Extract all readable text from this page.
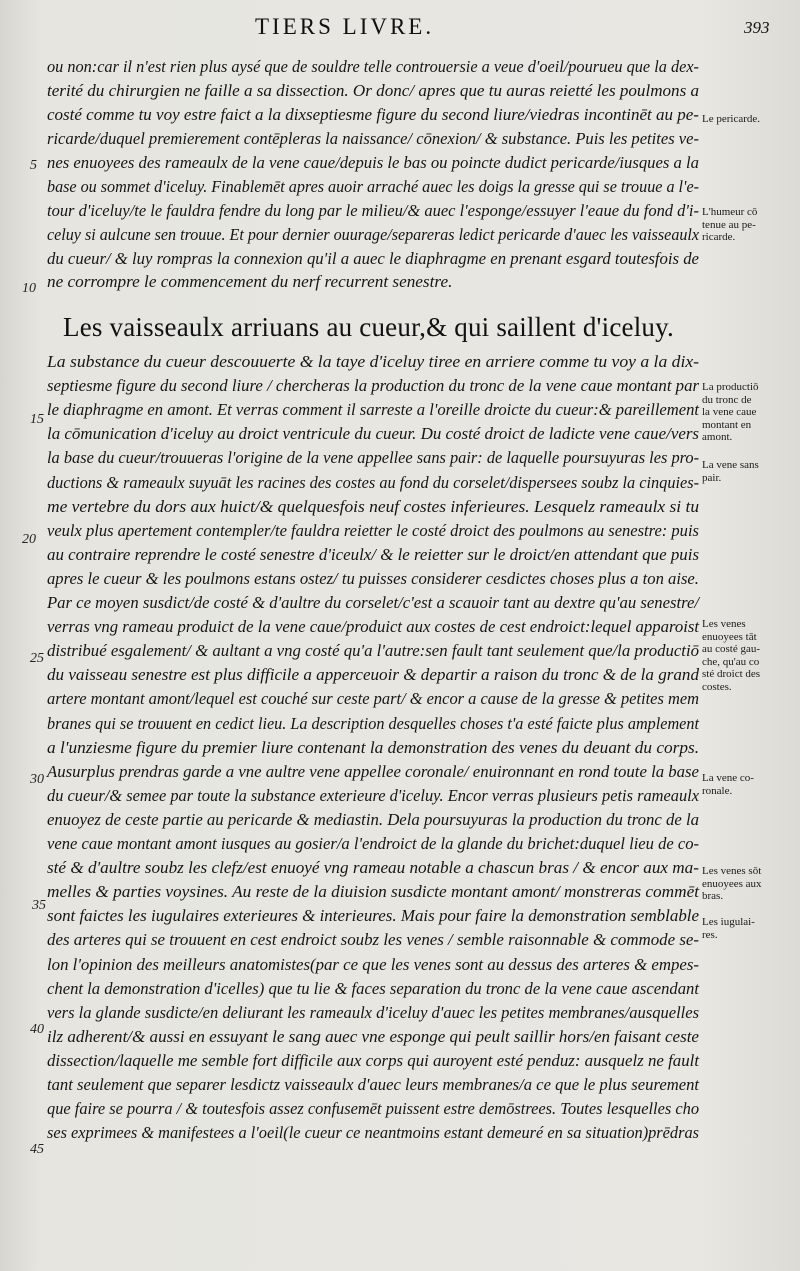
TIERS LIVRE.	393
ou non:car il n'est rien plus aysé que de souldre telle controuersie a veue d'oeil/pourueu que la dex-
terité du chirurgien ne faille a sa dissection. Or donc/ apres que tu auras reietté les poulmons a
costé comme tu voy estre faict a la dixseptiesme figure du second liure/viedras incontinēt au pe-
ricarde/duquel premierement contēpleras la naissance/ cōnexion/ & substance. Puis les petites ve-
nes enuoyees des rameaulx de la vene caue/depuis le bas ou poincte dudict pericarde/iusques a la
base ou sommet d'iceluy. Finablemēt apres auoir arraché auec les doigs la gresse qui se trouue a l'e-
tour d'iceluy/te le fauldra fendre du long par le milieu/& auec l'esponge/essuyer l'eaue du fond d'i-
celuy si aulcune sen trouue. Et pour dernier ouurage/separeras ledict pericarde d'auec les vaisseaulx
du cueur/ & luy rompras la connexion qu'il a auec le diaphragme en prenant esgard toutesfois de
ne corrompre le commencement du nerf recurrent senestre.
Les vaisseaulx arriuans au cueur,& qui saillent d'iceluy.
La substance du cueur descouuerte & la taye d'iceluy tiree en arriere comme tu voy a la dix-
septiesme figure du second liure / chercheras la production du tronc de la vene caue montant par
le diaphragme en amont. Et verras comment il sarreste a l'oreille droicte du cueur:& pareillement
la cōmunication d'iceluy au droict ventricule du cueur. Du costé droict de ladicte vene caue/vers
la base du cueur/trouueras l'origine de la vene appellee sans pair: de laquelle poursuyuras les pro-
ductions & rameaulx suyuāt les racines des costes au fond du corselet/dispersees soubz la cinquies-
me vertebre du dors aux huict/& quelquesfois neuf costes inferieures. Lesquelz rameaulx si tu
veulx plus apertement contempler/te fauldra reietter le costé droict des poulmons au senestre: puis
au contraire reprendre le costé senestre d'iceulx/ & le reietter sur le droict/en attendant que puis
apres le cueur & les poulmons estans ostez/ tu puisses considerer cesdictes choses plus a ton aise.
Par ce moyen susdict/de costé & d'aultre du corselet/c'est a scauoir tant au dextre qu'au senestre/
verras vng rameau produict de la vene caue/produict aux costes de cest endroict:lequel apparoist
distribué esgalement/ & aultant a vng costé qu'a l'autre:sen fault tant seulement que/la productiō
du vaisseau senestre est plus difficile a apperceuoir & departir a raison du tronc & de la grand
artere montant amont/lequel est couché sur ceste part/ & encor a cause de la gresse & petites mem
branes qui se trouuent en cedict lieu. La description desquelles choses t'a esté faicte plus amplement
a l'unziesme figure du premier liure contenant la demonstration des venes du deuant du corps.
Ausurplus prendras garde a vne aultre vene appellee coronale/ enuironnant en rond toute la base
du cueur/& semee par toute la substance exterieure d'iceluy. Encor verras plusieurs petis rameaulx
enuoyez de ceste partie au pericarde & mediastin. Dela poursuyuras la production du tronc de la
vene caue montant amont iusques au gosier/a l'endroict de la glande du brichet:duquel lieu de co-
sté & d'aultre soubz les clefz/est enuoyé vng rameau notable a chascun bras / & encor aux ma-
melles & parties voysines. Au reste de la diuision susdicte montant amont/ monstreras commēt
sont faictes les iugulaires exterieures & interieures. Mais pour faire la demonstration semblable
des arteres qui se trouuent en cest endroict soubz les venes / semble raisonnable & commode se-
lon l'opinion des meilleurs anatomistes(par ce que les venes sont au dessus des arteres & empes-
chent la demonstration d'icelles) que tu lie & faces separation du tronc de la vene caue ascendant
vers la glande susdicte/en deliurant les rameaulx d'iceluy d'auec les petites membranes/ausquelles
ilz adherent/& aussi en essuyant le sang auec vne esponge qui peult saillir hors/en faisant ceste
dissection/laquelle me semble fort difficile aux corps qui auroyent esté penduz: ausquelz ne fault
tant seulement que separer lesdictz vaisseaulx d'auec leurs membranes/a ce que le plus seurement
que faire se pourra / & toutesfois assez confusemēt puissent estre demōstrees. Toutes lesquelles cho
ses exprimees & manifestees a l'oeil(le cueur ce neantmoins estant demeuré en sa situation)prēdras
5
10
15
20
25
30
35
40
45
Le pericarde.
L'humeur cō
tenue au pe-
ricarde.
La productiō
du tronc de
la vene caue
montant en
amont.
La vene sans
pair.
Les venes
enuoyees tāt
au costé gau-
che, qu'au co
sté droict des
costes.
La vene co-
ronale.
Les venes sōt
enuoyees aux
bras.
Les iugulai-
res.
